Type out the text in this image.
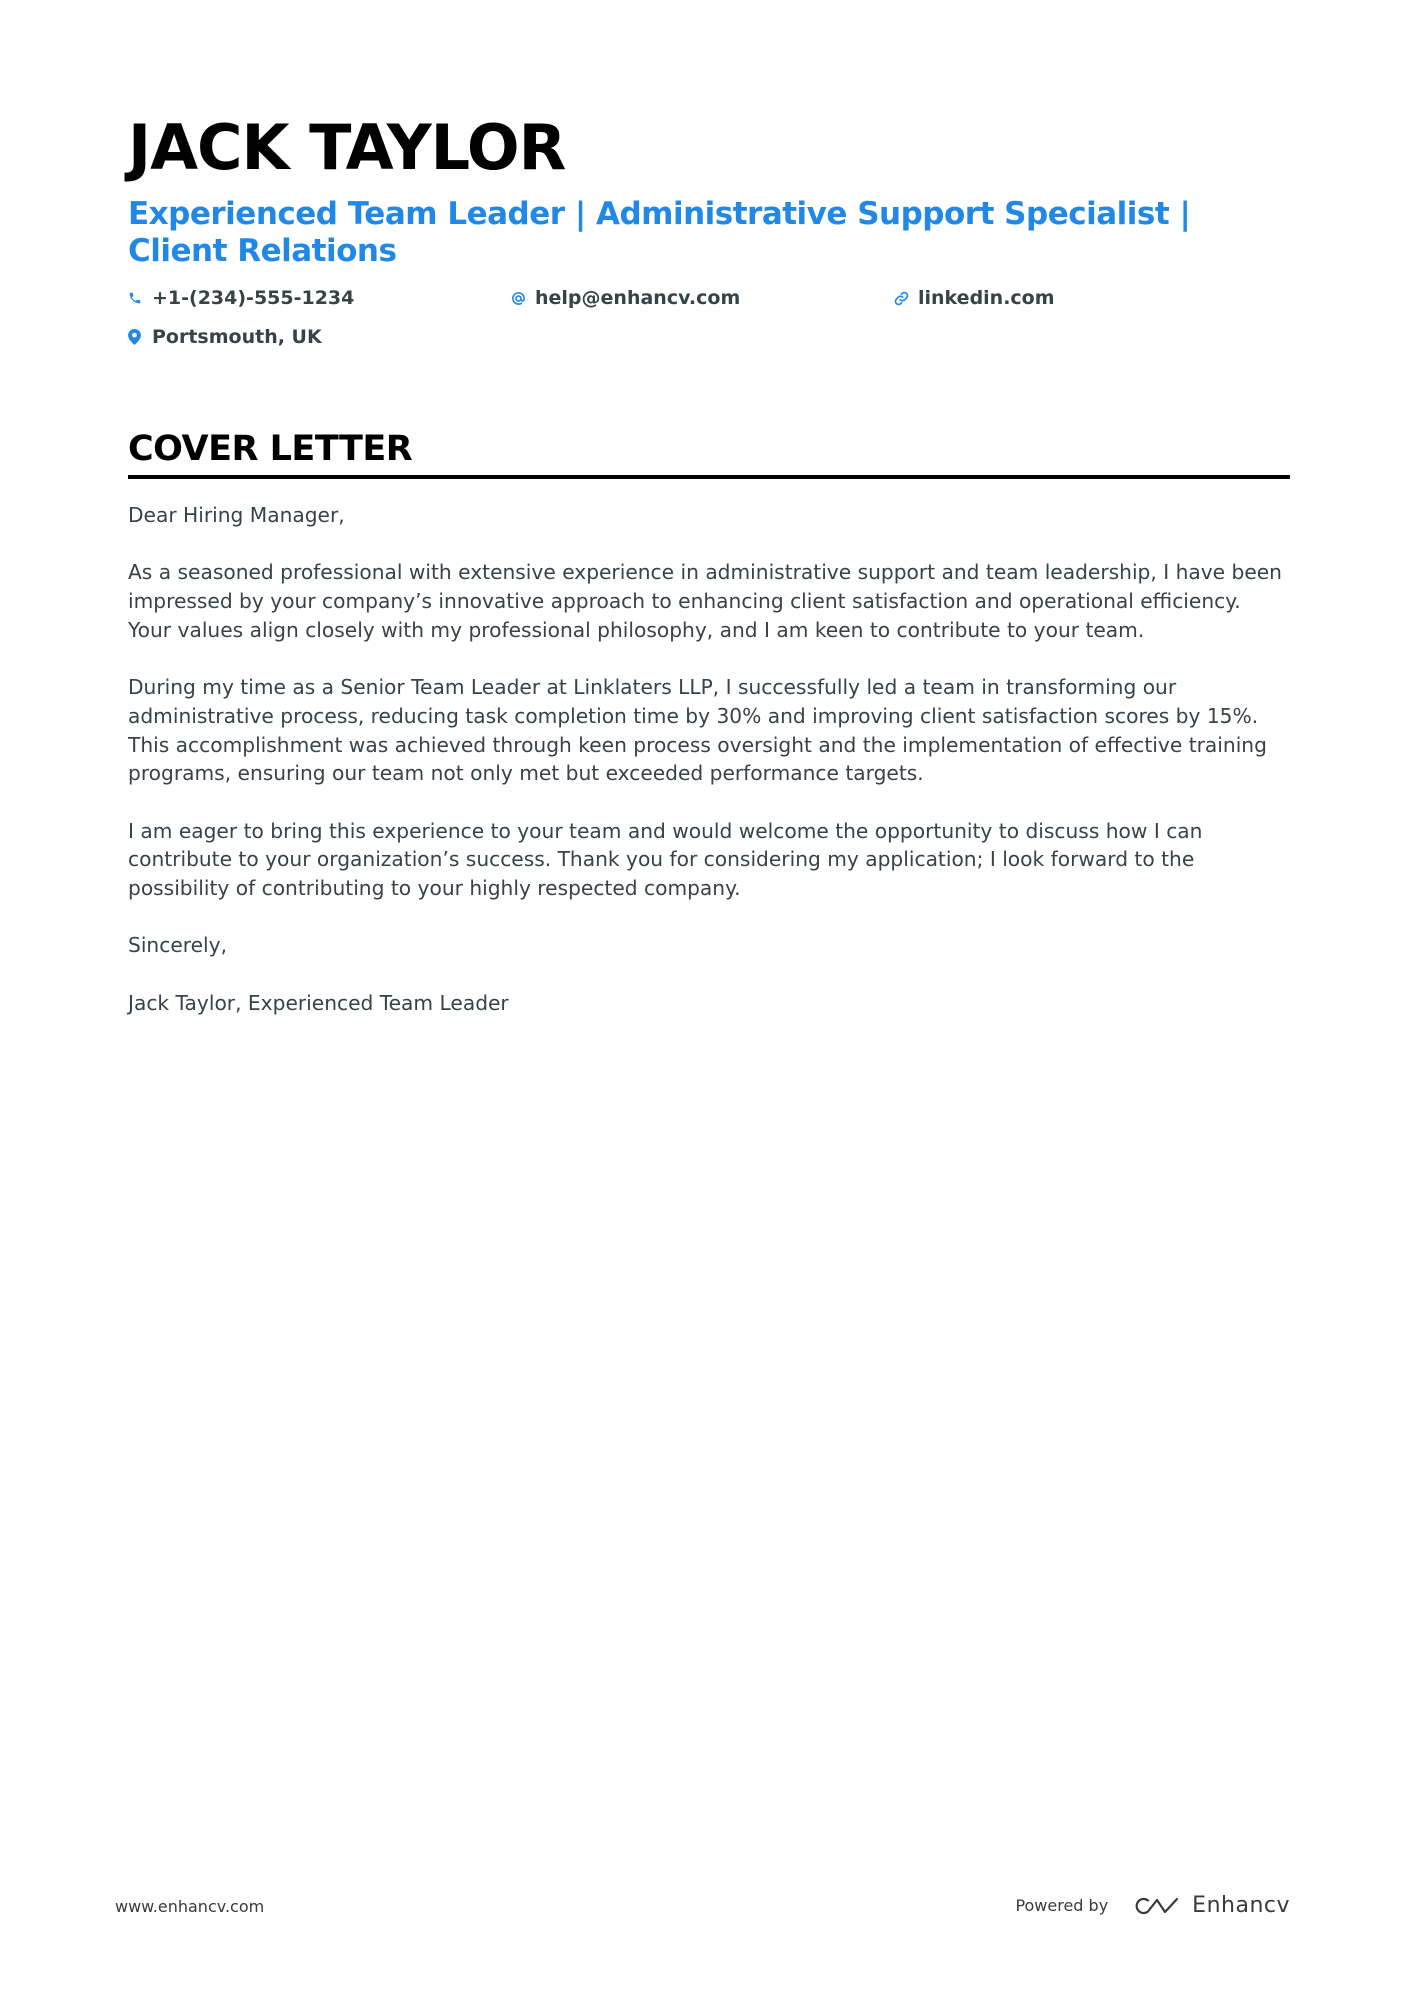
JACK TAYLOR
Experienced Team Leader | Administrative Support Specialist | Client Relations
+1-(234)-555-1234	help@enhancv.com	linkedin.com
Portsmouth, UK
COVER LETTER

Dear Hiring Manager,

As a seasoned professional with extensive experience in administrative support and team leadership, I have been impressed by your company’s innovative approach to enhancing client satisfaction and operational efficiency. Your values align closely with my professional philosophy, and I am keen to contribute to your team.

During my time as a Senior Team Leader at Linklaters LLP, I successfully led a team in transforming our administrative process, reducing task completion time by 30% and improving client satisfaction scores by 15%. This accomplishment was achieved through keen process oversight and the implementation of effective training programs, ensuring our team not only met but exceeded performance targets.

I am eager to bring this experience to your team and would welcome the opportunity to discuss how I can contribute to your organization’s success. Thank you for considering my application; I look forward to the possibility of contributing to your highly respected company.

Sincerely,

Jack Taylor, Experienced Team Leader

www.enhancv.com	Powered by	Enhancv
